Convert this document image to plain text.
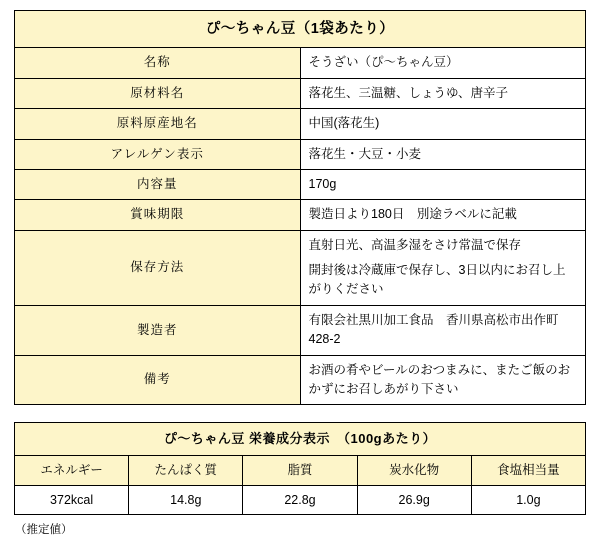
ぴ〜ちゃん豆（1袋あたり）	
名称	そうざい（ぴ〜ちゃん豆）

原材料名	落花生、三温糖、しょうゆ、唐辛子

原料原産地名	中国(落花生)

アレルゲン表示	落花生・大豆・小麦

内容量	170g

賞味期限	製造日より180日　別途ラベルに記載

保存方法	直射日光、高温多湿をさけ常温で保存
開封後は冷蔵庫で保存し、3日以内にお召し上がりください

製造者	有限会社黒川加工食品　香川県高松市出作町428-2

備考	お酒の肴やビールのおつまみに、またご飯のおかずにお召しあがり下さい
ぴ〜ちゃん豆 栄養成分表示　（100gあたり）				
エネルギー	たんぱく質	脂質	炭水化物	食塩相当量
372kcal	14.8g	22.8g	26.9g	1.0g
（推定値）
